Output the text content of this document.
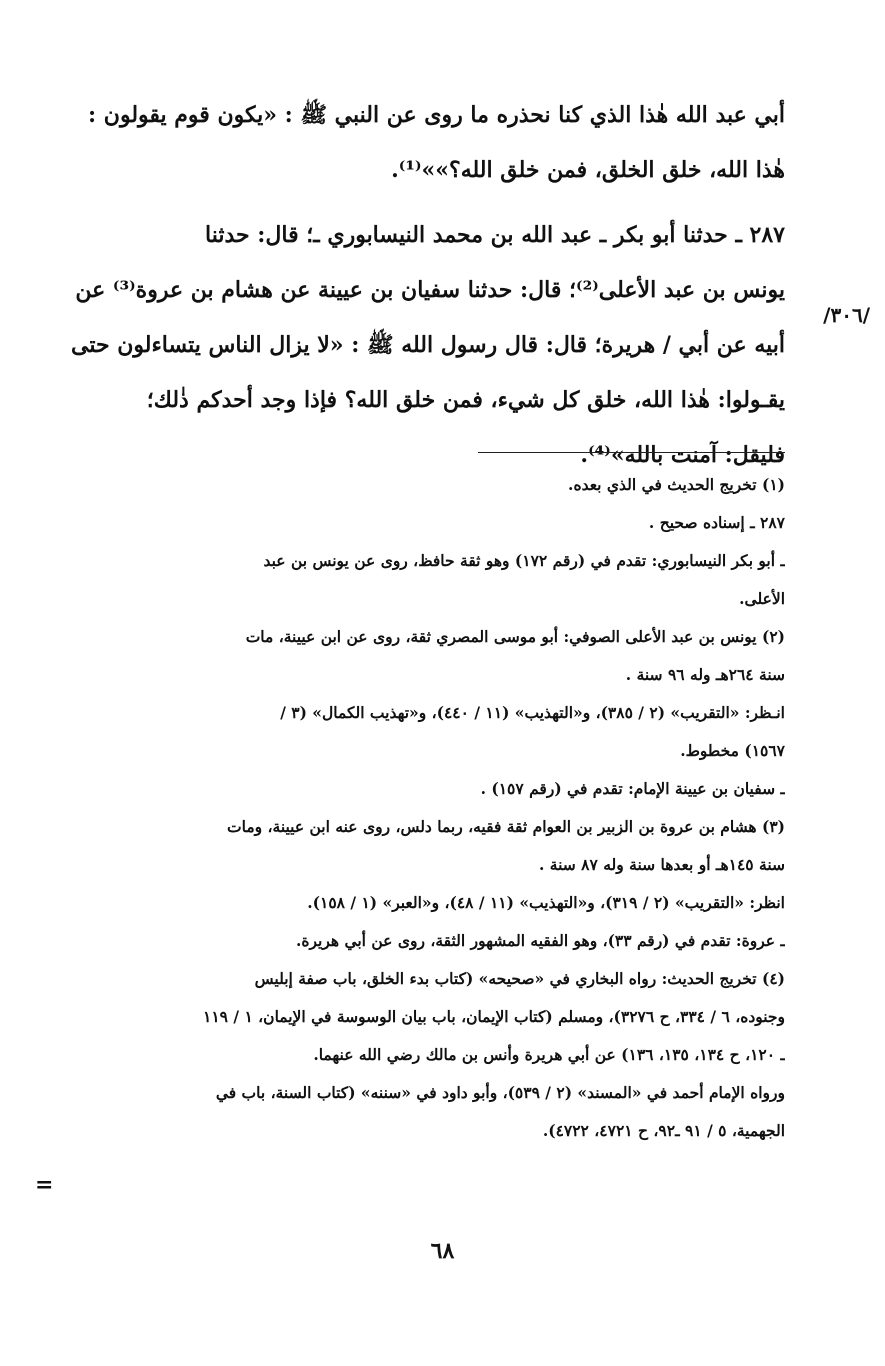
أبي عبد الله هٰذا الذي كنا نحذره ما روى عن النبي ﷺ : «يكون قوم يقولون :
هٰذا الله، خلق الخلق، فمن خلق الله؟»»⁽¹⁾.
٢٨٧ ـ حدثنا أبو بكر ـ عبد الله بن محمد النيسابوري ـ؛ قال: حدثنا
يونس بن عبد الأعلى⁽²⁾؛ قال: حدثنا سفيان بن عيينة عن هشام بن عروة⁽³⁾ عن
أبيه عن أبي / هريرة؛ قال: قال رسول الله ﷺ : «لا يزال الناس يتساءلون حتى
يقـولوا: هٰذا الله، خلق كل شيء، فمن خلق الله؟ فإذا وجد أحدكم ذٰلك؛
فليقل: آمنت بالله»⁽⁴⁾.
/٣٠٦/
(١) تخريج الحديث في الذي بعده.
٢٨٧ ـ إسناده صحيح .
ـ أبو بكر النيسابوري: تقدم في (رقم ١٧٢) وهو ثقة حافظ، روى عن يونس بن عبد
الأعلى.
(٢) يونس بن عبد الأعلى الصوفي: أبو موسى المصري ثقة، روى عن ابن عيينة، مات
سنة ٢٦٤هـ وله ٩٦ سنة .
انـظر: «التقريب» (٢ / ٣٨٥)، و«التهذيب» (١١ / ٤٤٠)، و«تهذيب الكمال» (٣ /
١٥٦٧) مخطوط.
ـ سفيان بن عيينة الإمام: تقدم في (رقم ١٥٧) .
(٣) هشام بن عروة بن الزبير بن العوام ثقة فقيه، ربما دلس، روى عنه ابن عيينة، ومات
سنة ١٤٥هـ أو بعدها سنة وله ٨٧ سنة .
انظر: «التقريب» (٢ / ٣١٩)، و«التهذيب» (١١ / ٤٨)، و«العبر» (١ / ١٥٨).
ـ عروة: تقدم في (رقم ٣٣)، وهو الفقيه المشهور الثقة، روى عن أبي هريرة.
(٤) تخريج الحديث: رواه البخاري في «صحيحه» (كتاب بدء الخلق، باب صفة إبليس
وجنوده، ٦ / ٣٣٤، ح ٣٢٧٦)، ومسلم (كتاب الإيمان، باب بيان الوسوسة في الإيمان، ١ / ١١٩
ـ ١٢٠، ح ١٣٤، ١٣٥، ١٣٦) عن أبي هريرة وأنس بن مالك رضي الله عنهما.
ورواه الإمام أحمد في «المسند» (٢ / ٥٣٩)، وأبو داود في «سننه» (كتاب السنة، باب في
الجهمية، ٥ / ٩١ ـ٩٢، ح ٤٧٢١، ٤٧٢٢).
=
٦٨
